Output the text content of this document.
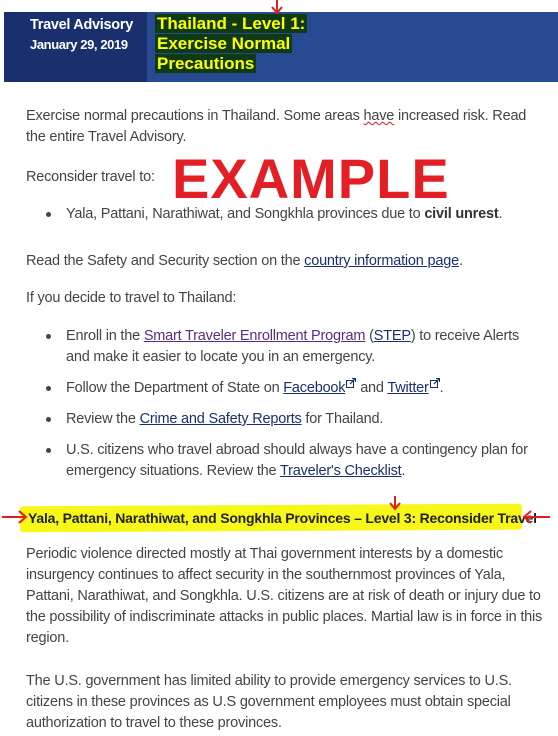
Travel Advisory
January 29, 2019
Thailand - Level 1: Exercise Normal Precautions

Exercise normal precautions in Thailand. Some areas have increased risk. Read the entire Travel Advisory.

Reconsider travel to: EXAMPLE
Yala, Pattani, Narathiwat, and Songkhla provinces due to civil unrest.

Read the Safety and Security section on the country information page.

If you decide to travel to Thailand:

Enroll in the Smart Traveler Enrollment Program (STEP) to receive Alerts and make it easier to locate you in an emergency.
Follow the Department of State on Facebook and Twitter .
Review the Crime and Safety Reports for Thailand.
U.S. citizens who travel abroad should always have a contingency plan for emergency situations. Review the Traveler's Checklist.
Yala, Pattani, Narathiwat, and Songkhla Provinces – Level 3: Reconsider Travel

Periodic violence directed mostly at Thai government interests by a domestic insurgency continues to affect security in the southernmost provinces of Yala, Pattani, Narathiwat, and Songkhla. U.S. citizens are at risk of death or injury due to the possibility of indiscriminate attacks in public places. Martial law is in force in this region.

The U.S. government has limited ability to provide emergency services to U.S. citizens in these provinces as U.S government employees must obtain special authorization to travel to these provinces.
